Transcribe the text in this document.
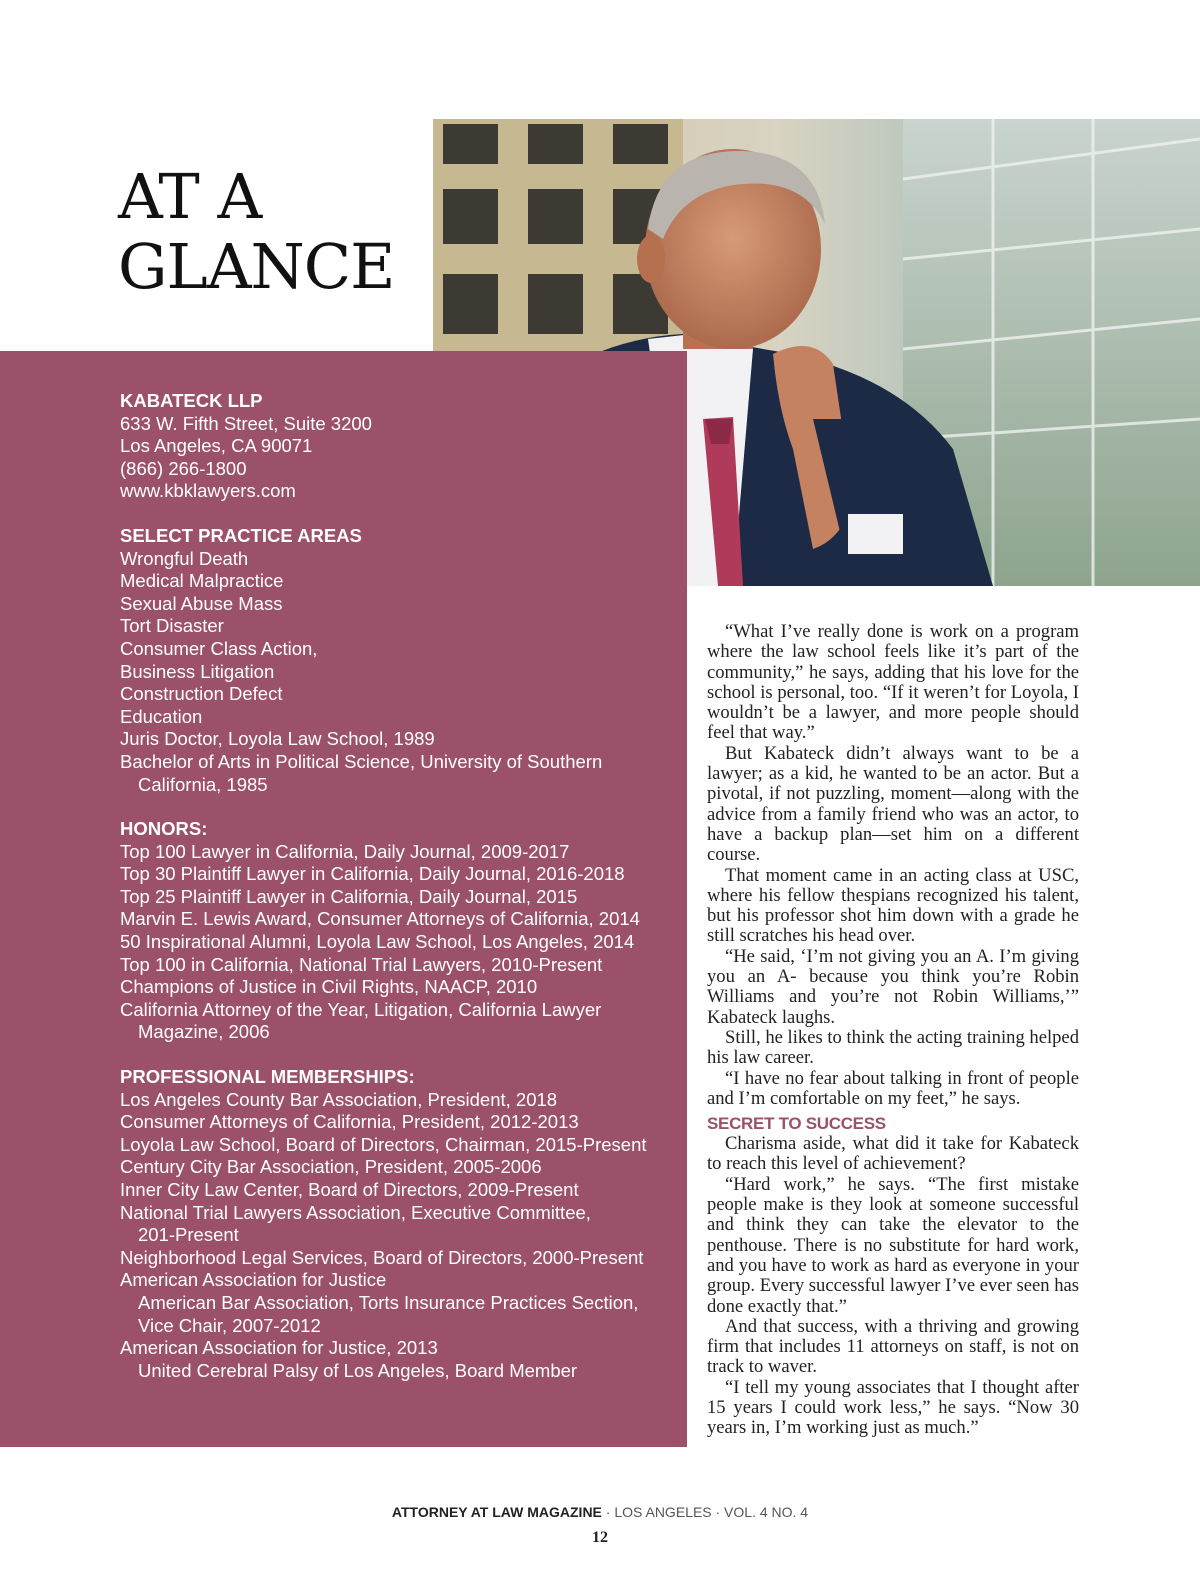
AT A
GLANCE
KABATECK LLP
633 W. Fifth Street, Suite 3200
Los Angeles, CA 90071
(866) 266-1800
www.kbklawyers.com
SELECT PRACTICE AREAS
Wrongful Death
Medical Malpractice
Sexual Abuse Mass
Tort Disaster
Consumer Class Action,
Business Litigation
Construction Defect
Education
Juris Doctor, Loyola Law School, 1989
Bachelor of Arts in Political Science, University of Southern
California, 1985
HONORS:
Top 100 Lawyer in California, Daily Journal, 2009-2017
Top 30 Plaintiff Lawyer in California, Daily Journal, 2016-2018
Top 25 Plaintiff Lawyer in California, Daily Journal, 2015
Marvin E. Lewis Award, Consumer Attorneys of California, 2014
50 Inspirational Alumni, Loyola Law School, Los Angeles, 2014
Top 100 in California, National Trial Lawyers, 2010-Present
Champions of Justice in Civil Rights, NAACP, 2010
California Attorney of the Year, Litigation, California Lawyer
Magazine, 2006
PROFESSIONAL MEMBERSHIPS:
Los Angeles County Bar Association, President, 2018
Consumer Attorneys of California, President, 2012-2013
Loyola Law School, Board of Directors, Chairman, 2015-Present
Century City Bar Association, President, 2005-2006
Inner City Law Center, Board of Directors, 2009-Present
National Trial Lawyers Association, Executive Committee,
201-Present
Neighborhood Legal Services, Board of Directors, 2000-Present
American Association for Justice
American Bar Association, Torts Insurance Practices Section,
Vice Chair, 2007-2012
American Association for Justice, 2013
United Cerebral Palsy of Los Angeles, Board Member

“What I’ve really done is work on a program where the law school feels like it’s part of the community,” he says, adding that his love for the school is personal, too. “If it weren’t for Loyola, I wouldn’t be a lawyer, and more people should feel that way.”

But Kabateck didn’t always want to be a lawyer; as a kid, he wanted to be an actor. But a pivotal, if not puzzling, moment—along with the advice from a family friend who was an actor, to have a backup plan—set him on a different course.

That moment came in an acting class at USC, where his fellow thespians recognized his talent, but his professor shot him down with a grade he still scratches his head over.

“He said, ‘I’m not giving you an A. I’m giving you an A- because you think you’re Robin Williams and you’re not Robin Williams,’” Kabateck laughs.

Still, he likes to think the acting training helped his law career.

“I have no fear about talking in front of people and I’m comfortable on my feet,” he says.

SECRET TO SUCCESS

Charisma aside, what did it take for Kabateck to reach this level of achievement?

“Hard work,” he says. “The first mistake people make is they look at someone successful and think they can take the elevator to the penthouse. There is no substitute for hard work, and you have to work as hard as everyone in your group. Every successful lawyer I’ve ever seen has done exactly that.”

And that success, with a thriving and growing firm that includes 11 attorneys on staff, is not on track to waver.

“I tell my young associates that I thought after 15 years I could work less,” he says. “Now 30 years in, I’m working just as much.”

ATTORNEY AT LAW MAGAZINE · LOS ANGELES · VOL. 4 NO. 4
12
